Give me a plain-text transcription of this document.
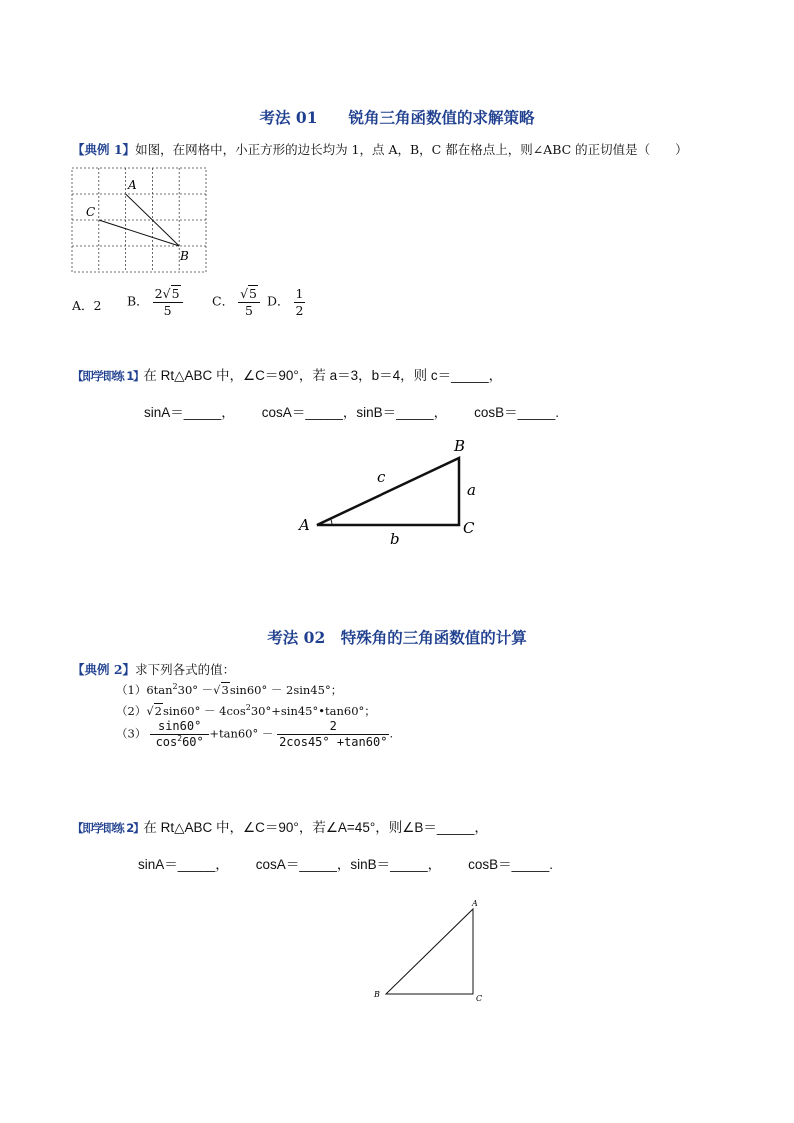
考法 01　　锐角三角函数值的求解策略
【典例 1】如图，在网格中，小正方形的边长均为 1，点 A，B，C 都在格点上，则∠ABC 的正切值是（　　）
A
C
B
A．2 B． $\frac{2√5}{5}$ C． $\frac{√5}{5}$ D． $\frac{1}{2}$
【即学即练 1】在 Rt△ABC 中，∠C＝90°，若 a＝3，b＝4，则 c＝_____，
sinA＝_____，  cosA＝_____，sinB＝_____，  cosB＝_____.
A
B
C
a
b
c
考法 02　特殊角的三角函数值的计算
【典例 2】求下列各式的值：
$(1)6\tan^230^\circ -√3\sin 60^\circ - 2\sin 45^\circ$；
$(2)√2\sin 60^\circ - 4\cos^230^\circ+\sin 45^\circ•\tan 60^\circ$；
$(3) \frac{\sin 60^\circ}{\cos^260^\circ} +\tan 60^\circ - \frac{2}{2\cos 45^\circ +\tan 60^\circ}$ .
【即学即练 2】在 Rt△ABC 中，∠C＝90°，若∠A=45°，则∠B＝_____，
sinA＝_____，  cosA＝_____，sinB＝_____，  cosB＝_____.
A
B	C
